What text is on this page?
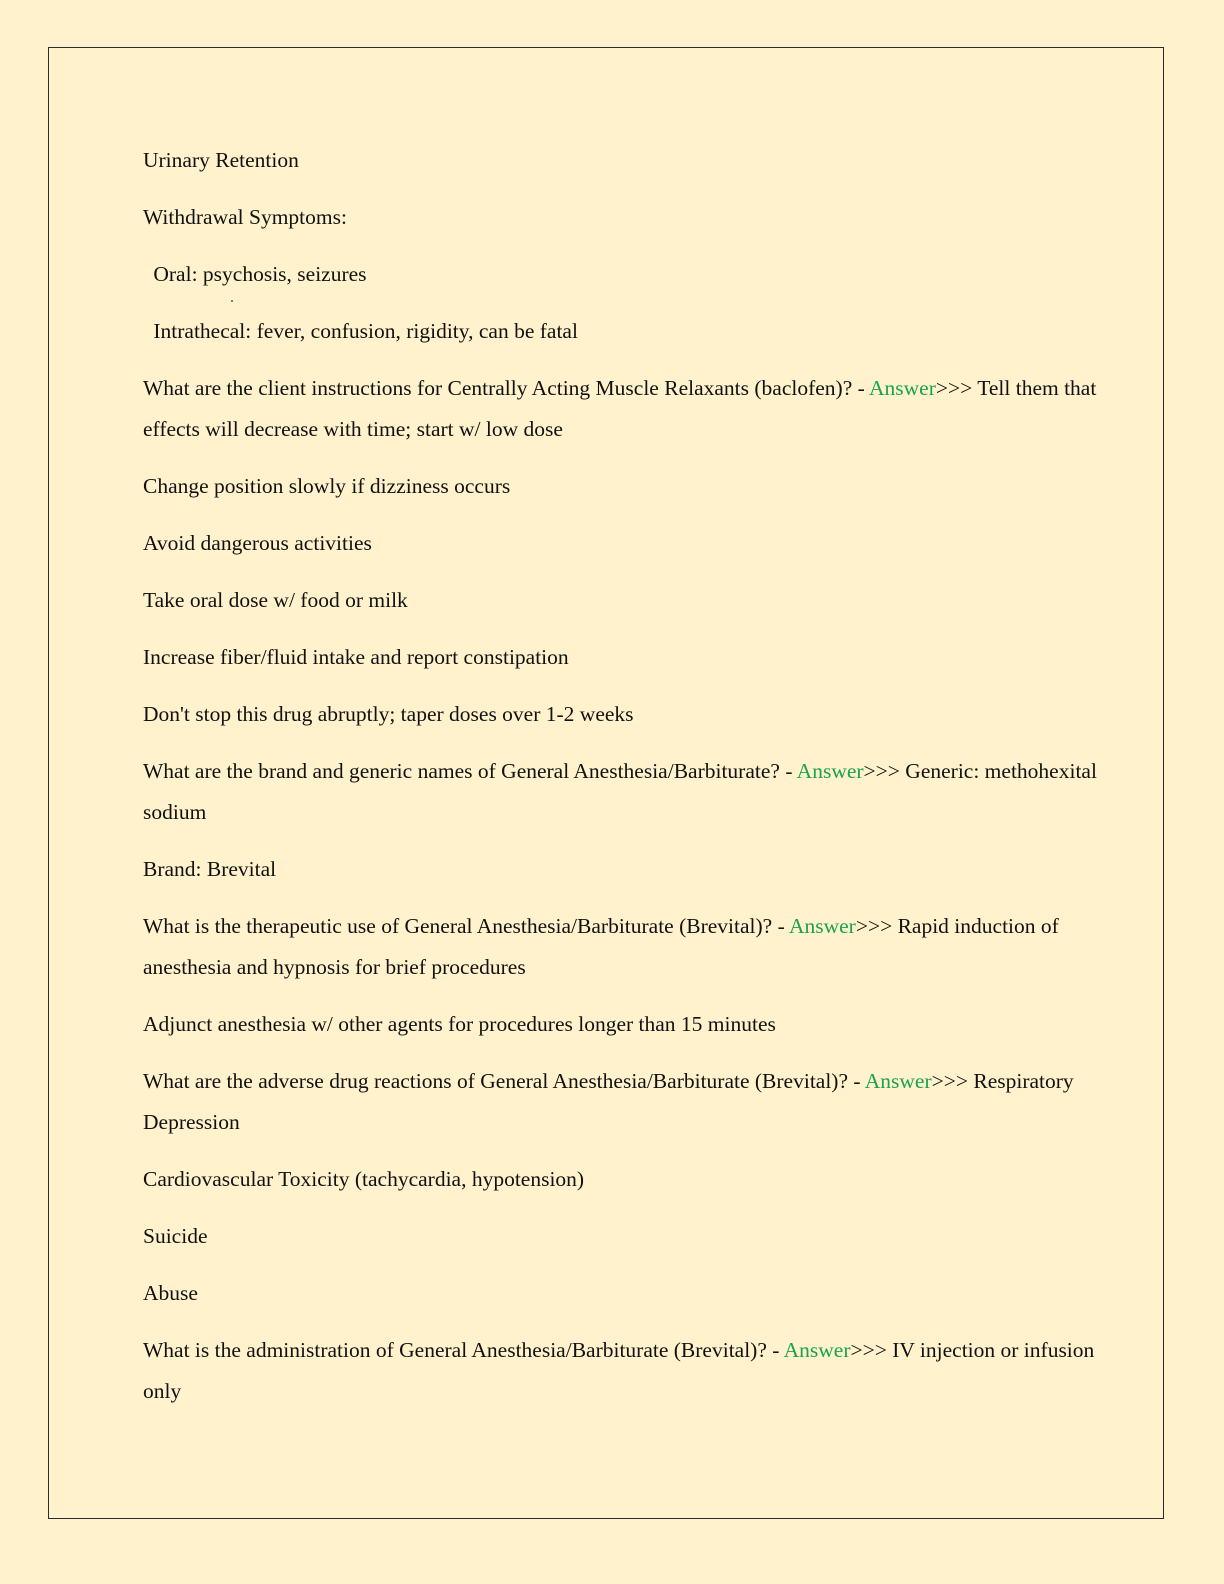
Urinary Retention

Withdrawal Symptoms:

Oral: psychosis, seizures

Intrathecal: fever, confusion, rigidity, can be fatal

What are the client instructions for Centrally Acting Muscle Relaxants (baclofen)? - Answer>>> Tell them that effects will decrease with time; start w/ low dose

Change position slowly if dizziness occurs

Avoid dangerous activities

Take oral dose w/ food or milk

Increase fiber/fluid intake and report constipation

Don't stop this drug abruptly; taper doses over 1-2 weeks

What are the brand and generic names of General Anesthesia/Barbiturate? - Answer>>> Generic: methohexital sodium

Brand: Brevital

What is the therapeutic use of General Anesthesia/Barbiturate (Brevital)? - Answer>>> Rapid induction of anesthesia and hypnosis for brief procedures

Adjunct anesthesia w/ other agents for procedures longer than 15 minutes

What are the adverse drug reactions of General Anesthesia/Barbiturate (Brevital)? - Answer>>> Respiratory Depression

Cardiovascular Toxicity (tachycardia, hypotension)

Suicide

Abuse

What is the administration of General Anesthesia/Barbiturate (Brevital)? - Answer>>> IV injection or infusion only
